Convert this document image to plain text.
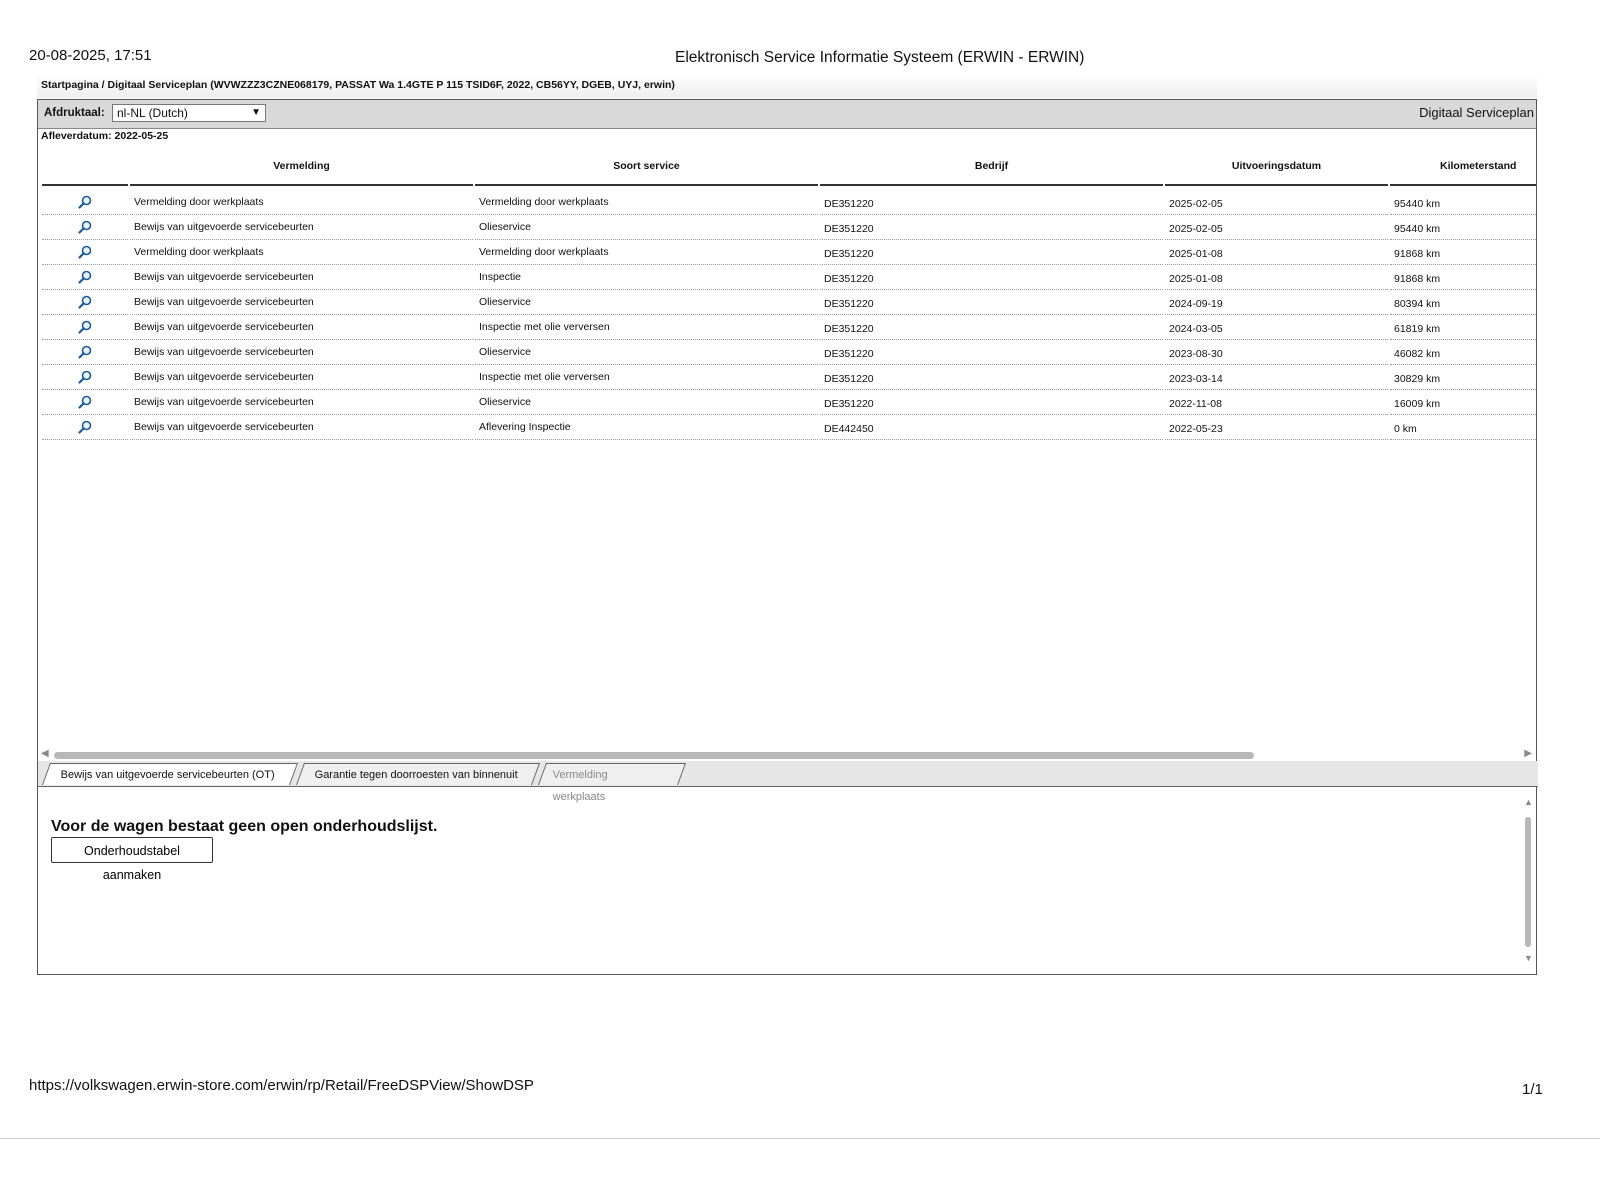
20-08-2025, 17:51	Elektronisch Service Informatie Systeem (ERWIN - ERWIN)
Startpagina / Digitaal Serviceplan (WVWZZZ3CZNE068179, PASSAT Wa 1.4GTE P 115 TSID6F, 2022, CB56YY, DGEB, UYJ, erwin)
Afdruktaal:	nl-NL (Dutch)	▼	Digitaal Serviceplan
Afleverdatum: 2022-05-25
Vermelding	Soort service	Bedrijf	Uitvoeringsdatum	Kilometerstand
Vermelding door werkplaats	Vermelding door werkplaats	DE351220	2025-02-05	95440 km
Bewijs van uitgevoerde servicebeurten	Olieservice	DE351220	2025-02-05	95440 km
Vermelding door werkplaats	Vermelding door werkplaats	DE351220	2025-01-08	91868 km
Bewijs van uitgevoerde servicebeurten	Inspectie	DE351220	2025-01-08	91868 km
Bewijs van uitgevoerde servicebeurten	Olieservice	DE351220	2024-09-19	80394 km
Bewijs van uitgevoerde servicebeurten	Inspectie met olie verversen	DE351220	2024-03-05	61819 km
Bewijs van uitgevoerde servicebeurten	Olieservice	DE351220	2023-08-30	46082 km
Bewijs van uitgevoerde servicebeurten	Inspectie met olie verversen	DE351220	2023-03-14	30829 km
Bewijs van uitgevoerde servicebeurten	Olieservice	DE351220	2022-11-08	16009 km
Bewijs van uitgevoerde servicebeurten	Aflevering Inspectie	DE442450	2022-05-23	0 km
◀	▶
Bewijs van uitgevoerde servicebeurten (OT)	Garantie tegen doorroesten van binnenuit	Vermelding werkplaats
Voor de wagen bestaat geen open onderhoudslijst.
Onderhoudstabel aanmaken
▲
▼
https://volkswagen.erwin-store.com/erwin/rp/Retail/FreeDSPView/ShowDSP	1/1
